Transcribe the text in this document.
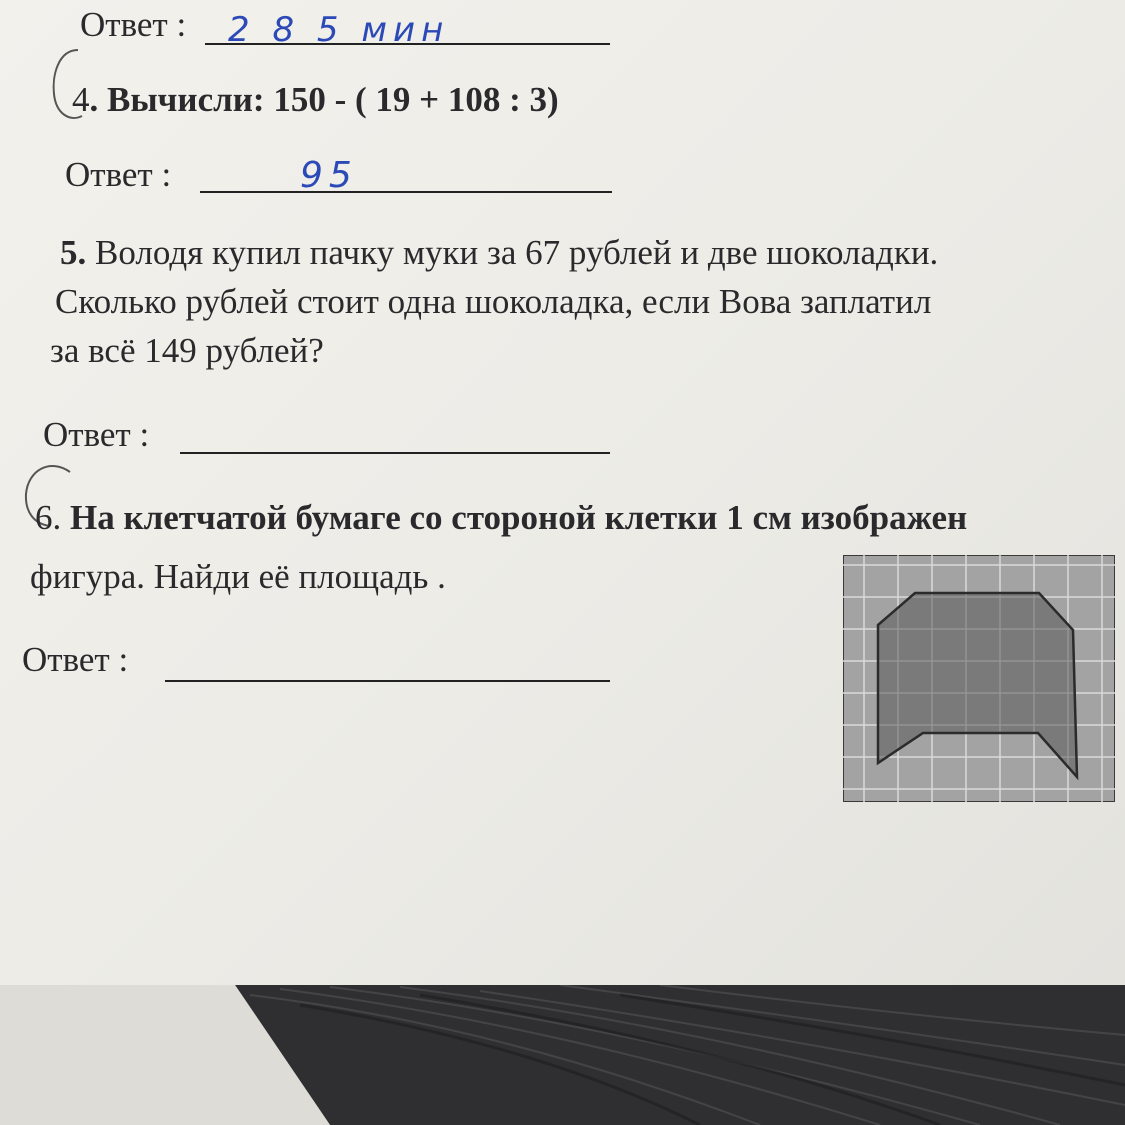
Ответ : 2 8 5 мин
4. Вычисли: 150 - ( 19 + 108 : 3)
Ответ :	95
5. Володя купил пачку муки за 67 рублей и две шоколадки.
Сколько рублей стоит одна шоколадка, если Вова заплатил
за всё 149 рублей?
Ответ :
6. На клетчатой бумаге со стороной клетки 1 см изображен
фигура. Найди её площадь .
Ответ :
